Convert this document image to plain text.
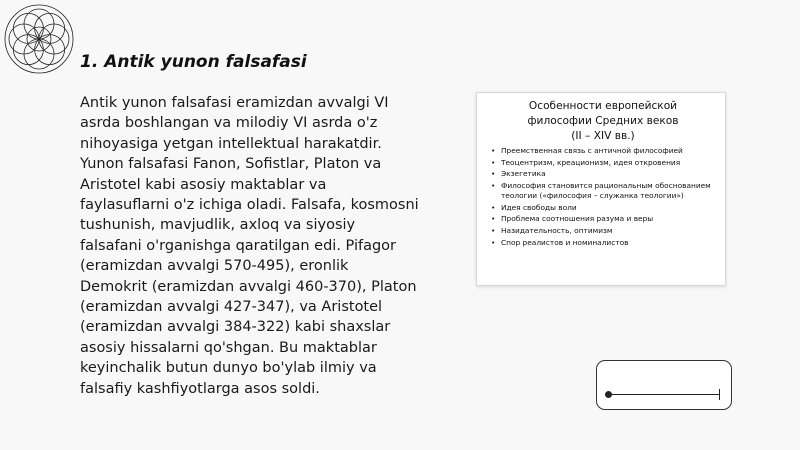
1. Antik yunon falsafasi

Antik yunon falsafasi eramizdan avvalgi VI asrda boshlangan va milodiy VI asrda o'z nihoyasiga yetgan intellektual harakatdir. Yunon falsafasi Fanon, Sofistlar, Platon va Aristotel kabi asosiy maktablar va faylasuflarni o'z ichiga oladi. Falsafa, kosmosni tushunish, mavjudlik, axloq va siyosiy falsafani o'rganishga qaratilgan edi. Pifagor (eramizdan avvalgi 570-495), eronlik Demokrit (eramizdan avvalgi 460-370), Platon (eramizdan avvalgi 427-347), va Aristotel (eramizdan avvalgi 384-322) kabi shaxslar asosiy hissalarni qo'shgan. Bu maktablar keyinchalik butun dunyo bo'ylab ilmiy va falsafiy kashfiyotlarga asos soldi.

Особенности европейской
философии Средних веков
(II – XIV вв.)
• Преемственная связь с античной философией
• Теоцентризм, креационизм, идея откровения
• Экзегетика
• Философия становится рациональным обоснованием теологии («философия – служанка теологии»)
• Идея свободы воли
• Проблема соотношения разума и веры
• Назидательность, оптимизм
• Спор реалистов и номиналистов
